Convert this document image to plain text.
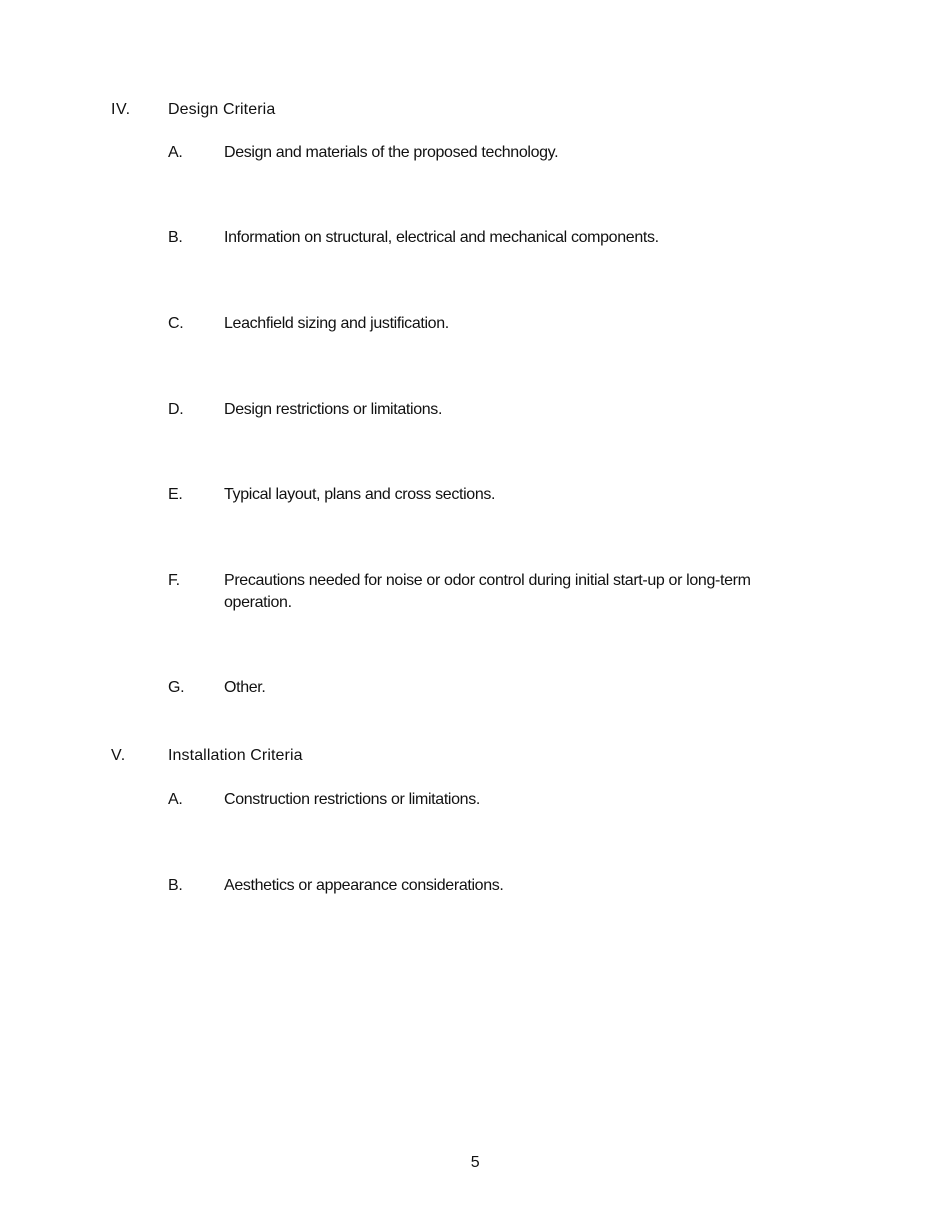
IV. Design Criteria
A.	Design and materials of the proposed technology.
B.	Information on structural, electrical and mechanical components.
C.	Leachfield sizing and justification.
D.	Design restrictions or limitations.
E.	Typical layout, plans and cross sections.
F.	Precautions needed for noise or odor control during initial start-up or long-term
operation.
G. Other.
V.	Installation Criteria
A.	Construction restrictions or limitations.
B.	Aesthetics or appearance considerations.
5
